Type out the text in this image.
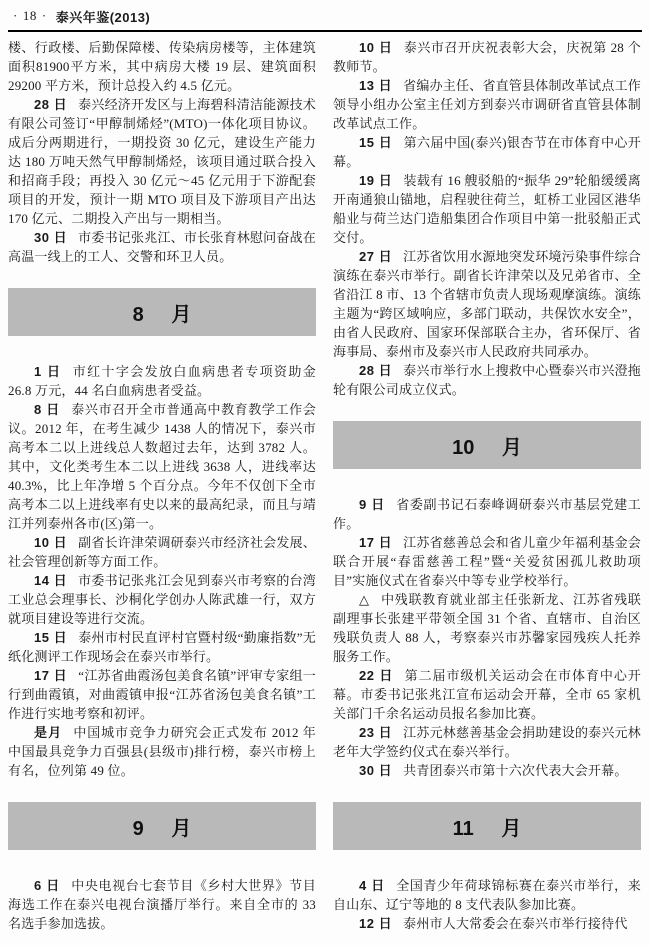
· 18 · 泰兴年鉴(2013)

楼、行政楼、后勤保障楼、传染病房楼等，主体建筑面积81900平方米，其中病房大楼 19 层、建筑面积 29200 平方米，预计总投入约 4.5 亿元。

28 日 泰兴经济开发区与上海碧科清洁能源技术有限公司签订“甲醇制烯烃”(MTO)一体化项目协议。成后分两期进行，一期投资 30 亿元，建设生产能力达 180 万吨天然气甲醇制烯烃，该项目通过联合投入和招商手段；再投入 30 亿元～45 亿元用于下游配套项目的开发，预计一期 MTO 项目及下游项目产出达 170 亿元、二期投入产出与一期相当。

30 日 市委书记张兆江、市长张育林慰问奋战在高温一线上的工人、交警和环卫人员。

8 月

1 日 市红十字会发放白血病患者专项资助金 26.8 万元，44 名白血病患者受益。

8 日 泰兴市召开全市普通高中教育教学工作会议。2012 年，在考生减少 1438 人的情况下，泰兴市高考本二以上进线总人数超过去年，达到 3782 人。其中，文化类考生本二以上进线 3638 人，进线率达 40.3%，比上年净增 5 个百分点。今年不仅创下全市高考本二以上进线率有史以来的最高纪录，而且与靖江并列泰州各市(区)第一。

10 日 副省长许津荣调研泰兴市经济社会发展、社会管理创新等方面工作。

14 日 市委书记张兆江会见到泰兴市考察的台湾工业总会理事长、沙桐化学创办人陈武雄一行，双方就项目建设等进行交流。

15 日 泰州市村民直评村官暨村级“勤廉指数”无纸化测评工作现场会在泰兴市举行。

17 日 “江苏省曲霞汤包美食名镇”评审专家组一行到曲霞镇，对曲霞镇申报“江苏省汤包美食名镇”工作进行实地考察和初评。

是月 中国城市竞争力研究会正式发布 2012 年中国最具竞争力百强县(县级市)排行榜，泰兴市榜上有名，位列第 49 位。

9 月

6 日 中央电视台七套节目《乡村大世界》节目海选工作在泰兴电视台演播厅举行。来自全市的 33 名选手参加选拔。

10 日 泰兴市召开庆祝表彰大会，庆祝第 28 个教师节。

13 日 省编办主任、省直管县体制改革试点工作领导小组办公室主任刘方到泰兴市调研省直管县体制改革试点工作。

15 日 第六届中国(泰兴)银杏节在市体育中心开幕。

19 日 装载有 16 艘驳船的“振华 29”轮船缓缓离开南通狼山锚地，启程驶往荷兰，虹桥工业园区港华船业与荷兰达门造船集团合作项目中第一批驳船正式交付。

27 日 江苏省饮用水源地突发环境污染事件综合演练在泰兴市举行。副省长许津荣以及兄弟省市、全省沿江 8 市、13 个省辖市负责人现场观摩演练。演练主题为“跨区域响应，多部门联动，共保饮水安全”，由省人民政府、国家环保部联合主办，省环保厅、省海事局、泰州市及泰兴市人民政府共同承办。

28 日 泰兴市举行水上搜救中心暨泰兴市兴澄拖轮有限公司成立仪式。

10 月

9 日 省委副书记石泰峰调研泰兴市基层党建工作。

17 日 江苏省慈善总会和省儿童少年福利基金会联合开展“春雷慈善工程”暨“关爱贫困孤儿救助项目”实施仪式在省泰兴中等专业学校举行。

△ 中残联教育就业部主任张新龙、江苏省残联副理事长张建平带领全国 31 个省、直辖市、自治区残联负责人 88 人，考察泰兴市苏馨家园残疾人托养服务工作。

22 日 第二届市级机关运动会在市体育中心开幕。市委书记张兆江宣布运动会开幕，全市 65 家机关部门千余名运动员报名参加比赛。

23 日 江苏元林慈善基金会捐助建设的泰兴元林老年大学签约仪式在泰兴举行。

30 日 共青团泰兴市第十六次代表大会开幕。

11 月

4 日 全国青少年荷球锦标赛在泰兴市举行，来自山东、辽宁等地的 8 支代表队参加比赛。

12 日 泰州市人大常委会在泰兴市举行接待代
